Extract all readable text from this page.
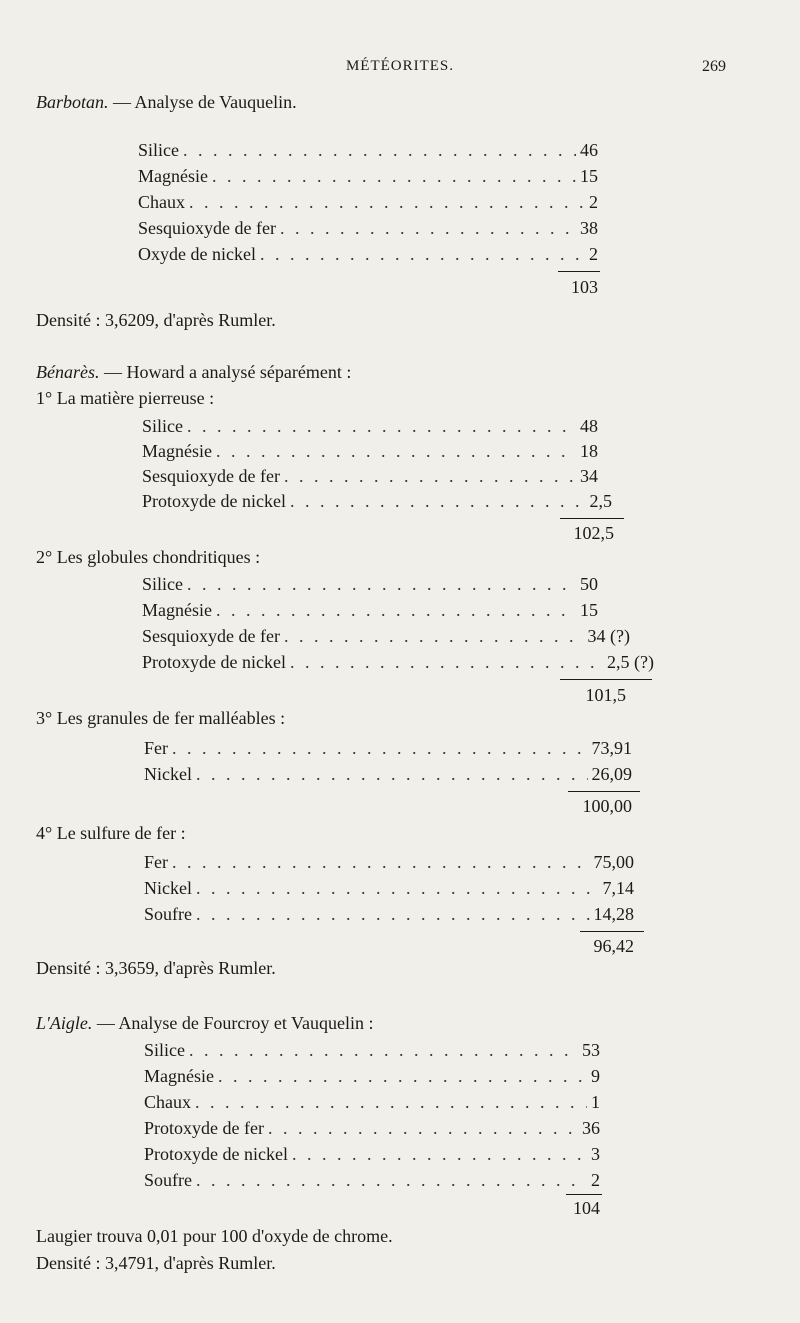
MÉTÉORITES.	269
Barbotan. — Analyse de Vauquelin.
Silice . . .	46
Magnésie . . .	15
Chaux . . .	2
Sesquioxyde de fer . . .	38
Oxyde de nickel . . .	2
103
Densité : 3,6209, d'après Rumler.
Bénarès. — Howard a analysé séparément :
1° La matière pierreuse :
Silice . . .	48
Magnésie . . .	18
Sesquioxyde de fer . . .	34
Protoxyde de nickel . . .	2,5
102,5
2° Les globules chondritiques :
Silice . . .	50
Magnésie . . .	15
Sesquioxyde de fer . . .	34 (?)
Protoxyde de nickel . . .	2,5 (?)
101,5
3° Les granules de fer malléables :
Fer . . .	73,91
Nickel . . .	26,09
100,00
4° Le sulfure de fer :
Fer . . .	75,00
Nickel . . .	7,14
Soufre . . .	14,28
96,42
Densité : 3,3659, d'après Rumler.
L'Aigle. — Analyse de Fourcroy et Vauquelin :
Silice . . .	53
Magnésie . . .	9
Chaux . . .	1
Protoxyde de fer . . .	36
Protoxyde de nickel . . .	3
Soufre . . .	2
104
Laugier trouva 0,01 pour 100 d'oxyde de chrome.
Densité : 3,4791, d'après Rumler.
